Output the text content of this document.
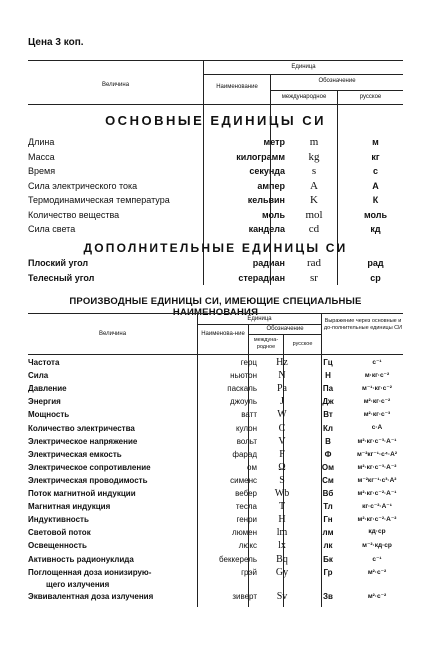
Цена 3 коп.
Единица
Величина	Наименование
Обозначение
международное	русское
ОСНОВНЫЕ ЕДИНИЦЫ СИ
Длина	метр	m	м
Масса	килограмм	kg	кг
Время	секунда	s	с
Сила электрического тока	ампер	A	А
Термодинамическая температура	кельвин	K	К
Количество вещества	моль	mol	моль
Сила света	кандела	cd	кд
ДОПОЛНИТЕЛЬНЫЕ ЕДИНИЦЫ СИ
Плоский угол	радиан	rad	рад
Телесный угол	стерадиан	sr	ср
ПРОИЗВОДНЫЕ ЕДИНИЦЫ СИ, ИМЕЮЩИЕ СПЕЦИАЛЬНЫЕ
Величина
Единица
Наименова-ние
Обозначение
междуна-родное	русское
Выражение через основные и до-полнительные единицы СИ
Частота	герц	Hz	Гц	с⁻¹
Сила	ньютон	N	Н	м·кг·с⁻²
Давление	паскаль	Pa	Па	м⁻¹·кг·с⁻²
Энергия	джоуль	J	Дж	м²·кг·с⁻²
Мощность	ватт	W	Вт	м²·кг·с⁻³
Количество электричества	кулон	C	Кл	с·А
Электрическое напряжение	вольт	V	В	м²·кг·с⁻³·А⁻¹
Электрическая емкость	фарад	F	Ф	м⁻²кг⁻¹·с⁴·А²
Электрическое сопротивление	ом	Ω	Ом	м²·кг·с⁻³·А⁻²
Электрическая проводимость	сименс	S	См	м⁻²кг⁻¹·с³·А²
Поток магнитной индукции	вебер	Wb	Вб	м²·кг·с⁻²·А⁻¹
Магнитная индукция	тесла	T	Тл	кг·с⁻²·А⁻¹
Индуктивность	генри	H	Гн	м²·кг·с⁻²·А⁻²
Световой поток	люмен	lm	лм	кд·ср
Освещенность	люкс	lx	лк	м⁻²·кд·ср
Активность радионуклида	беккерель	Bq	Бк	с⁻¹
Поглощенная доза ионизирую-	грэй	Gy	Гр	м²·с⁻²
щего излучения
Эквивалентная доза излучения	зиверт	Sv	Зв	м²·с⁻²
